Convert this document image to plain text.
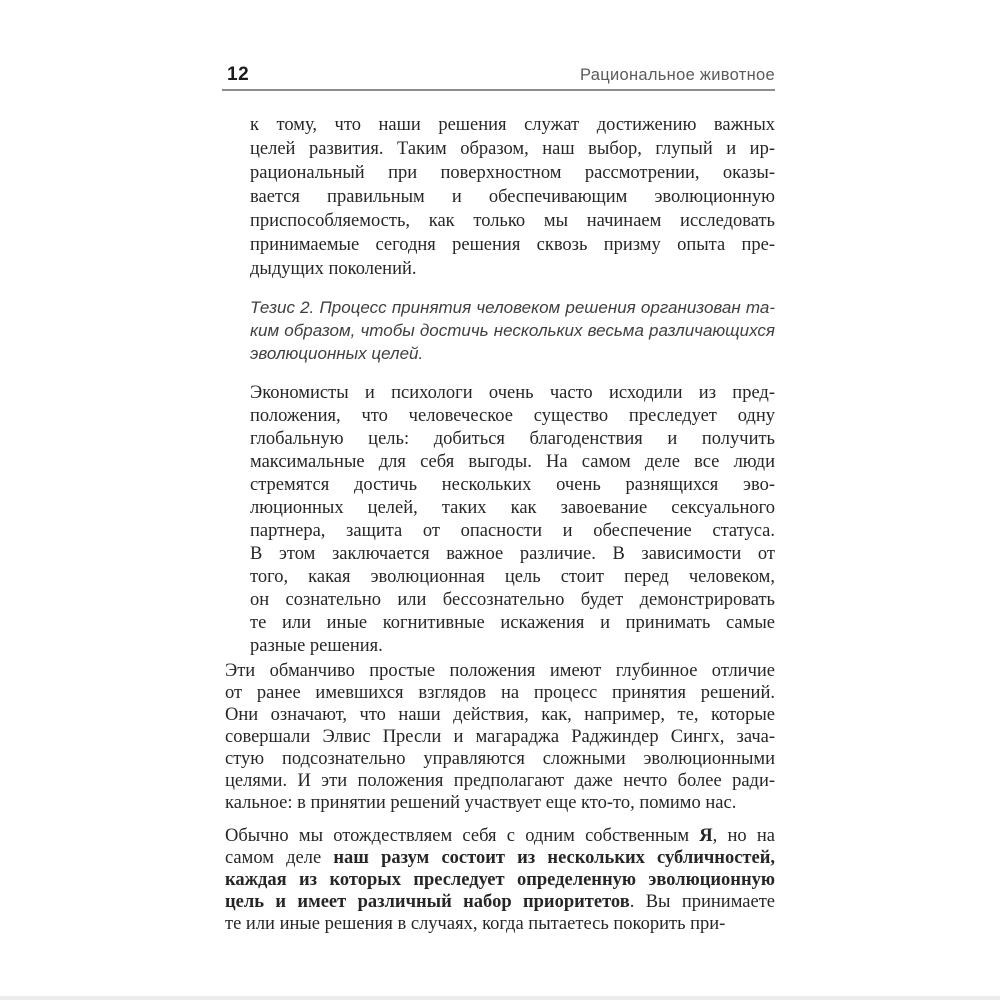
12	Рациональное животное
к тому, что наши решения служат достижению важных
целей развития. Таким образом, наш выбор, глупый и ир-
рациональный при поверхностном рассмотрении, оказы-
вается правильным и обеспечивающим эволюционную
приспособляемость, как только мы начинаем исследовать
принимаемые сегодня решения сквозь призму опыта пре-
дыдущих поколений.
Тезис 2. Процесс принятия человеком решения организован та-
ким образом, чтобы достичь нескольких весьма различающихся
эволюционных целей.
Экономисты и психологи очень часто исходили из пред-
положения, что человеческое существо преследует одну
глобальную цель: добиться благоденствия и получить
максимальные для себя выгоды. На самом деле все люди
стремятся достичь нескольких очень разнящихся эво-
люционных целей, таких как завоевание сексуального
партнера, защита от опасности и обеспечение статуса.
В этом заключается важное различие. В зависимости от
того, какая эволюционная цель стоит перед человеком,
он сознательно или бессознательно будет демонстрировать
те или иные когнитивные искажения и принимать самые
разные решения.
Эти обманчиво простые положения имеют глубинное отличие
от ранее имевшихся взглядов на процесс принятия решений.
Они означают, что наши действия, как, например, те, которые
совершали Элвис Пресли и магараджа Раджиндер Сингх, зача-
стую подсознательно управляются сложными эволюционными
целями. И эти положения предполагают даже нечто более ради-
кальное: в принятии решений участвует еще кто-то, помимо нас.
Обычно мы отождествляем себя с одним собственным Я, но на
самом деле наш разум состоит из нескольких субличностей,
каждая из которых преследует определенную эволюционную
цель и имеет различный набор приоритетов. Вы принимаете
те или иные решения в случаях, когда пытаетесь покорить при-
